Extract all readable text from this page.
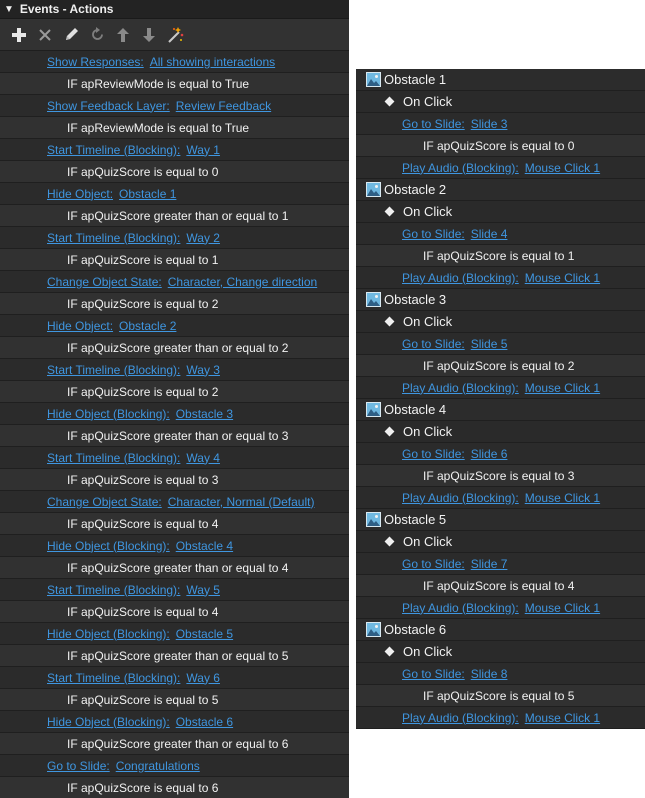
▼ Events - Actions
Show Responses: All showing interactions
IF apReviewMode is equal to True
Show Feedback Layer: Review Feedback
IF apReviewMode is equal to True
Start Timeline (Blocking): Way 1
IF apQuizScore is equal to 0
Hide Object: Obstacle 1
IF apQuizScore greater than or equal to 1
Start Timeline (Blocking): Way 2
IF apQuizScore is equal to 1
Change Object State: Character, Change direction
IF apQuizScore is equal to 2
Hide Object: Obstacle 2
IF apQuizScore greater than or equal to 2
Start Timeline (Blocking): Way 3
IF apQuizScore is equal to 2
Hide Object (Blocking): Obstacle 3
IF apQuizScore greater than or equal to 3
Start Timeline (Blocking): Way 4
IF apQuizScore is equal to 3
Change Object State: Character, Normal (Default)
IF apQuizScore is equal to 4
Hide Object (Blocking): Obstacle 4
IF apQuizScore greater than or equal to 4
Start Timeline (Blocking): Way 5
IF apQuizScore is equal to 4
Hide Object (Blocking): Obstacle 5
IF apQuizScore greater than or equal to 5
Start Timeline (Blocking): Way 6
IF apQuizScore is equal to 5
Hide Object (Blocking): Obstacle 6
IF apQuizScore greater than or equal to 6
Go to Slide: Congratulations
IF apQuizScore is equal to 6
Obstacle 1
On Click
Go to Slide: Slide 3
IF apQuizScore is equal to 0
Play Audio (Blocking): Mouse Click 1
Obstacle 2
On Click
Go to Slide: Slide 4
IF apQuizScore is equal to 1
Play Audio (Blocking): Mouse Click 1
Obstacle 3
On Click
Go to Slide: Slide 5
IF apQuizScore is equal to 2
Play Audio (Blocking): Mouse Click 1
Obstacle 4
On Click
Go to Slide: Slide 6
IF apQuizScore is equal to 3
Play Audio (Blocking): Mouse Click 1
Obstacle 5
On Click
Go to Slide: Slide 7
IF apQuizScore is equal to 4
Play Audio (Blocking): Mouse Click 1
Obstacle 6
On Click
Go to Slide: Slide 8
IF apQuizScore is equal to 5
Play Audio (Blocking): Mouse Click 1
